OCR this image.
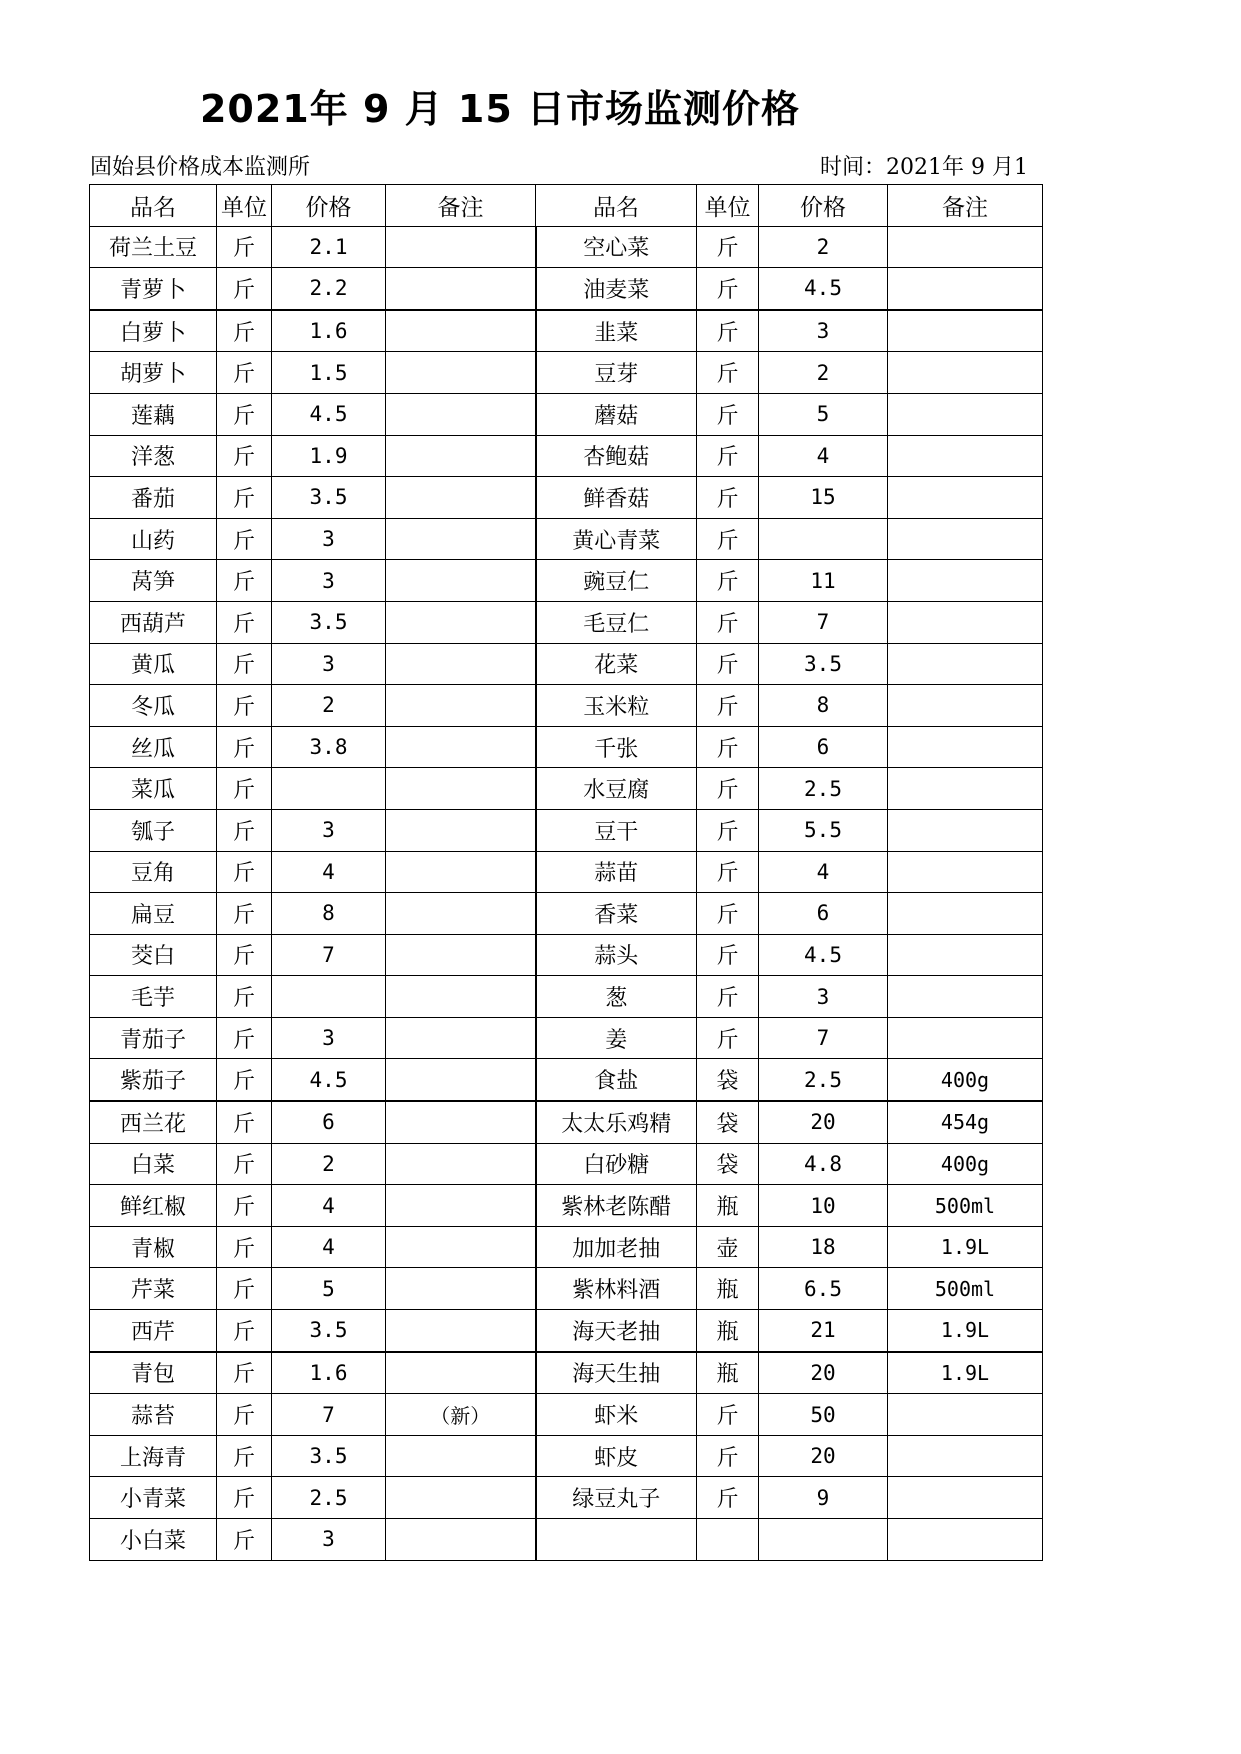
2021年 9 月 15 日市场监测价格
固始县价格成本监测所	时间：2021年 9 月1
品名	单位	价格	备注	品名	单位	价格	备注
荷兰土豆	斤	2.1		空心菜	斤	2	
青萝卜	斤	2.2		油麦菜	斤	4.5	
白萝卜	斤	1.6		韭菜	斤	3	
胡萝卜	斤	1.5		豆芽	斤	2	
莲藕	斤	4.5		蘑菇	斤	5	
洋葱	斤	1.9		杏鲍菇	斤	4	
番茄	斤	3.5		鲜香菇	斤	15	
山药	斤	3		黄心青菜	斤		
莴笋	斤	3		豌豆仁	斤	11	
西葫芦	斤	3.5		毛豆仁	斤	7	
黄瓜	斤	3		花菜	斤	3.5	
冬瓜	斤	2		玉米粒	斤	8	
丝瓜	斤	3.8		千张	斤	6	
菜瓜	斤			水豆腐	斤	2.5	
瓠子	斤	3		豆干	斤	5.5	
豆角	斤	4		蒜苗	斤	4	
扁豆	斤	8		香菜	斤	6	
茭白	斤	7		蒜头	斤	4.5	
毛芋	斤			葱	斤	3	
青茄子	斤	3		姜	斤	7	
紫茄子	斤	4.5		食盐	袋	2.5	400g
西兰花	斤	6		太太乐鸡精	袋	20	454g
白菜	斤	2		白砂糖	袋	4.8	400g
鲜红椒	斤	4		紫林老陈醋	瓶	10	500ml
青椒	斤	4		加加老抽	壶	18	1.9L
芹菜	斤	5		紫林料酒	瓶	6.5	500ml
西芹	斤	3.5		海天老抽	瓶	21	1.9L
青包	斤	1.6		海天生抽	瓶	20	1.9L
蒜苔	斤	7	（新）	虾米	斤	50	
上海青	斤	3.5		虾皮	斤	20	
小青菜	斤	2.5		绿豆丸子	斤	9	
小白菜	斤	3					
